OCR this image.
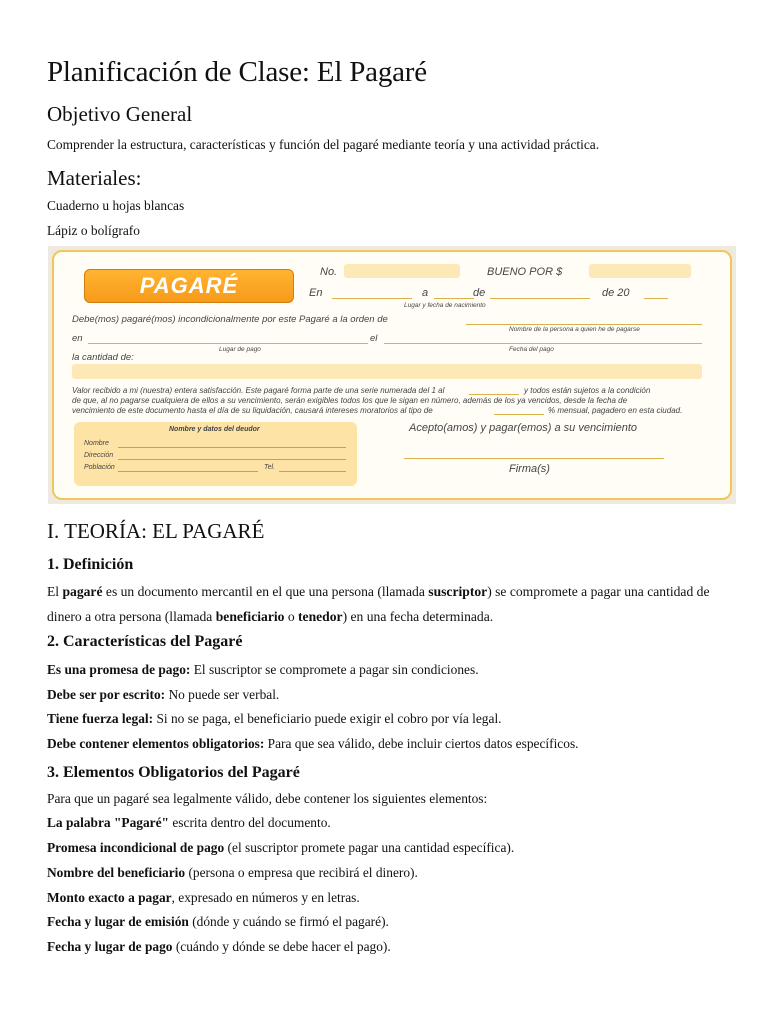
Planificación de Clase: El Pagaré
Objetivo General
Comprender la estructura, características y función del pagaré mediante teoría y una actividad práctica.
Materiales:
Cuaderno u hojas blancas
Lápiz o bolígrafo
I. TEORÍA: EL PAGARÉ
1. Definición

El pagaré es un documento mercantil en el que una persona (llamada suscriptor) se compromete a pagar una cantidad de dinero a otra persona (llamada beneficiario o tenedor) en una fecha determinada.

2. Características del Pagaré
Es una promesa de pago: El suscriptor se compromete a pagar sin condiciones.
Debe ser por escrito: No puede ser verbal.
Tiene fuerza legal: Si no se paga, el beneficiario puede exigir el cobro por vía legal.
Debe contener elementos obligatorios: Para que sea válido, debe incluir ciertos datos específicos.
3. Elementos Obligatorios del Pagaré
Para que un pagaré sea legalmente válido, debe contener los siguientes elementos:
La palabra "Pagaré" escrita dentro del documento.
Promesa incondicional de pago (el suscriptor promete pagar una cantidad específica).
Nombre del beneficiario (persona o empresa que recibirá el dinero).
Monto exacto a pagar, expresado en números y en letras.
Fecha y lugar de emisión (dónde y cuándo se firmó el pagaré).
Fecha y lugar de pago (cuándo y dónde se debe hacer el pago).
PAGARÉ
No.	BUENO POR $
En	a	de	de 20
Lugar y fecha de nacimiento
Debe(mos) pagaré(mos) incondicionalmente por este Pagaré a la orden de
Nombre de la persona a quien he de pagarse
en	el
Lugar de pago	Fecha del pago
la cantidad de:
Valor recibido a mi (nuestra) entera satisfacción. Este pagaré forma parte de una serie numerada del 1 al	y todos están sujetos a la condición
de que, al no pagarse cualquiera de ellos a su vencimiento, serán exigibles todos los que le sigan en número, además de los ya vencidos, desde la fecha de
vencimiento de este documento hasta el día de su liquidación, causará intereses moratorios al tipo de	% mensual, pagadero en esta ciudad.
Nombre y datos del deudor
Nombre
Dirección
Población	Tel.
Acepto(amos) y pagar(emos) a su vencimiento
Firma(s)
